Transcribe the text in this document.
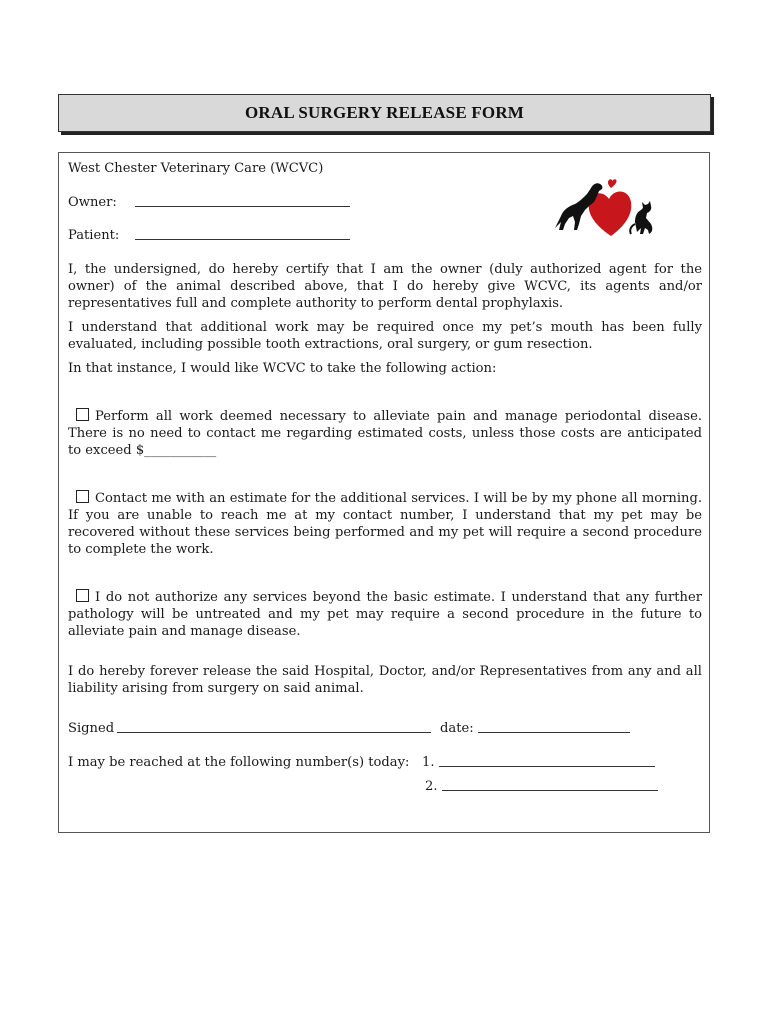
ORAL SURGERY RELEASE FORM
West Chester Veterinary Care (WCVC)
Owner:
Patient:
I, the undersigned, do hereby certify that I am the owner (duly authorized agent for the owner) of the animal described above, that I do hereby give WCVC, its agents and/or representatives full and complete authority to perform dental prophylaxis.
I understand that additional work may be required once my pet’s mouth has been fully evaluated, including possible tooth extractions, oral surgery, or gum resection.
In that instance, I would like WCVC to take the following action:
Perform all work deemed necessary to alleviate pain and manage periodontal disease. There is no need to contact me regarding estimated costs, unless those costs are anticipated to exceed $___________
Contact me with an estimate for the additional services. I will be by my phone all morning. If you are unable to reach me at my contact number, I understand that my pet may be recovered without these services being performed and my pet will require a second procedure to complete the work.
I do not authorize any services beyond the basic estimate. I understand that any further pathology will be untreated and my pet may require a second procedure in the future to alleviate pain and manage disease.
I do hereby forever release the said Hospital, Doctor, and/or Representatives from any and all liability arising from surgery on said animal.
Signed	date:
I may be reached at the following number(s) today: 1.
2.
